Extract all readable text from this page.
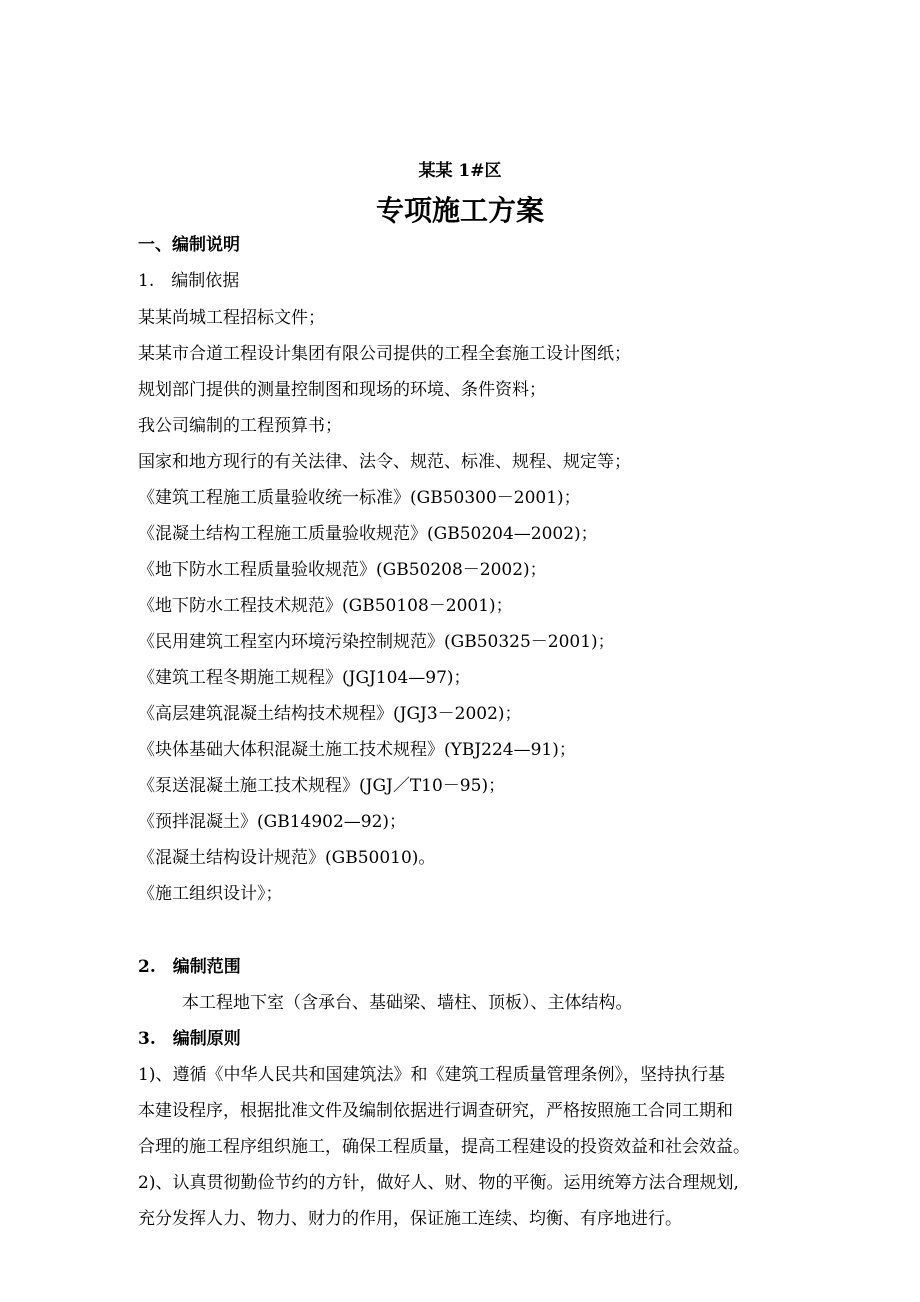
某某 1#区
专项施工方案
一、编制说明
1.　编制依据
某某尚城工程招标文件；
某某市合道工程设计集团有限公司提供的工程全套施工设计图纸；
规划部门提供的测量控制图和现场的环境、条件资料；
我公司编制的工程预算书；
国家和地方现行的有关法律、法令、规范、标准、规程、规定等；
《建筑工程施工质量验收统一标准》(GB50300－2001)；
《混凝土结构工程施工质量验收规范》(GB50204—2002)；
《地下防水工程质量验收规范》(GB50208－2002)；
《地下防水工程技术规范》(GB50108－2001)；
《民用建筑工程室内环境污染控制规范》(GB50325－2001)；
《建筑工程冬期施工规程》(JGJ104—97)；
《高层建筑混凝土结构技术规程》(JGJ3－2002)；
《块体基础大体积混凝土施工技术规程》(YBJ224—91)；
《泵送混凝土施工技术规程》(JGJ／T10－95)；
《预拌混凝土》(GB14902—92)；
《混凝土结构设计规范》(GB50010)。
《施工组织设计》；
2.　编制范围
本工程地下室（含承台、基础梁、墙柱、顶板）、主体结构。
3.　编制原则
1)、遵循《中华人民共和国建筑法》和《建筑工程质量管理条例》，坚持执行基
本建设程序，根据批准文件及编制依据进行调查研究，严格按照施工合同工期和
合理的施工程序组织施工，确保工程质量，提高工程建设的投资效益和社会效益。
2)、认真贯彻勤俭节约的方针，做好人、财、物的平衡。运用统筹方法合理规划,
充分发挥人力、物力、财力的作用，保证施工连续、均衡、有序地进行。
